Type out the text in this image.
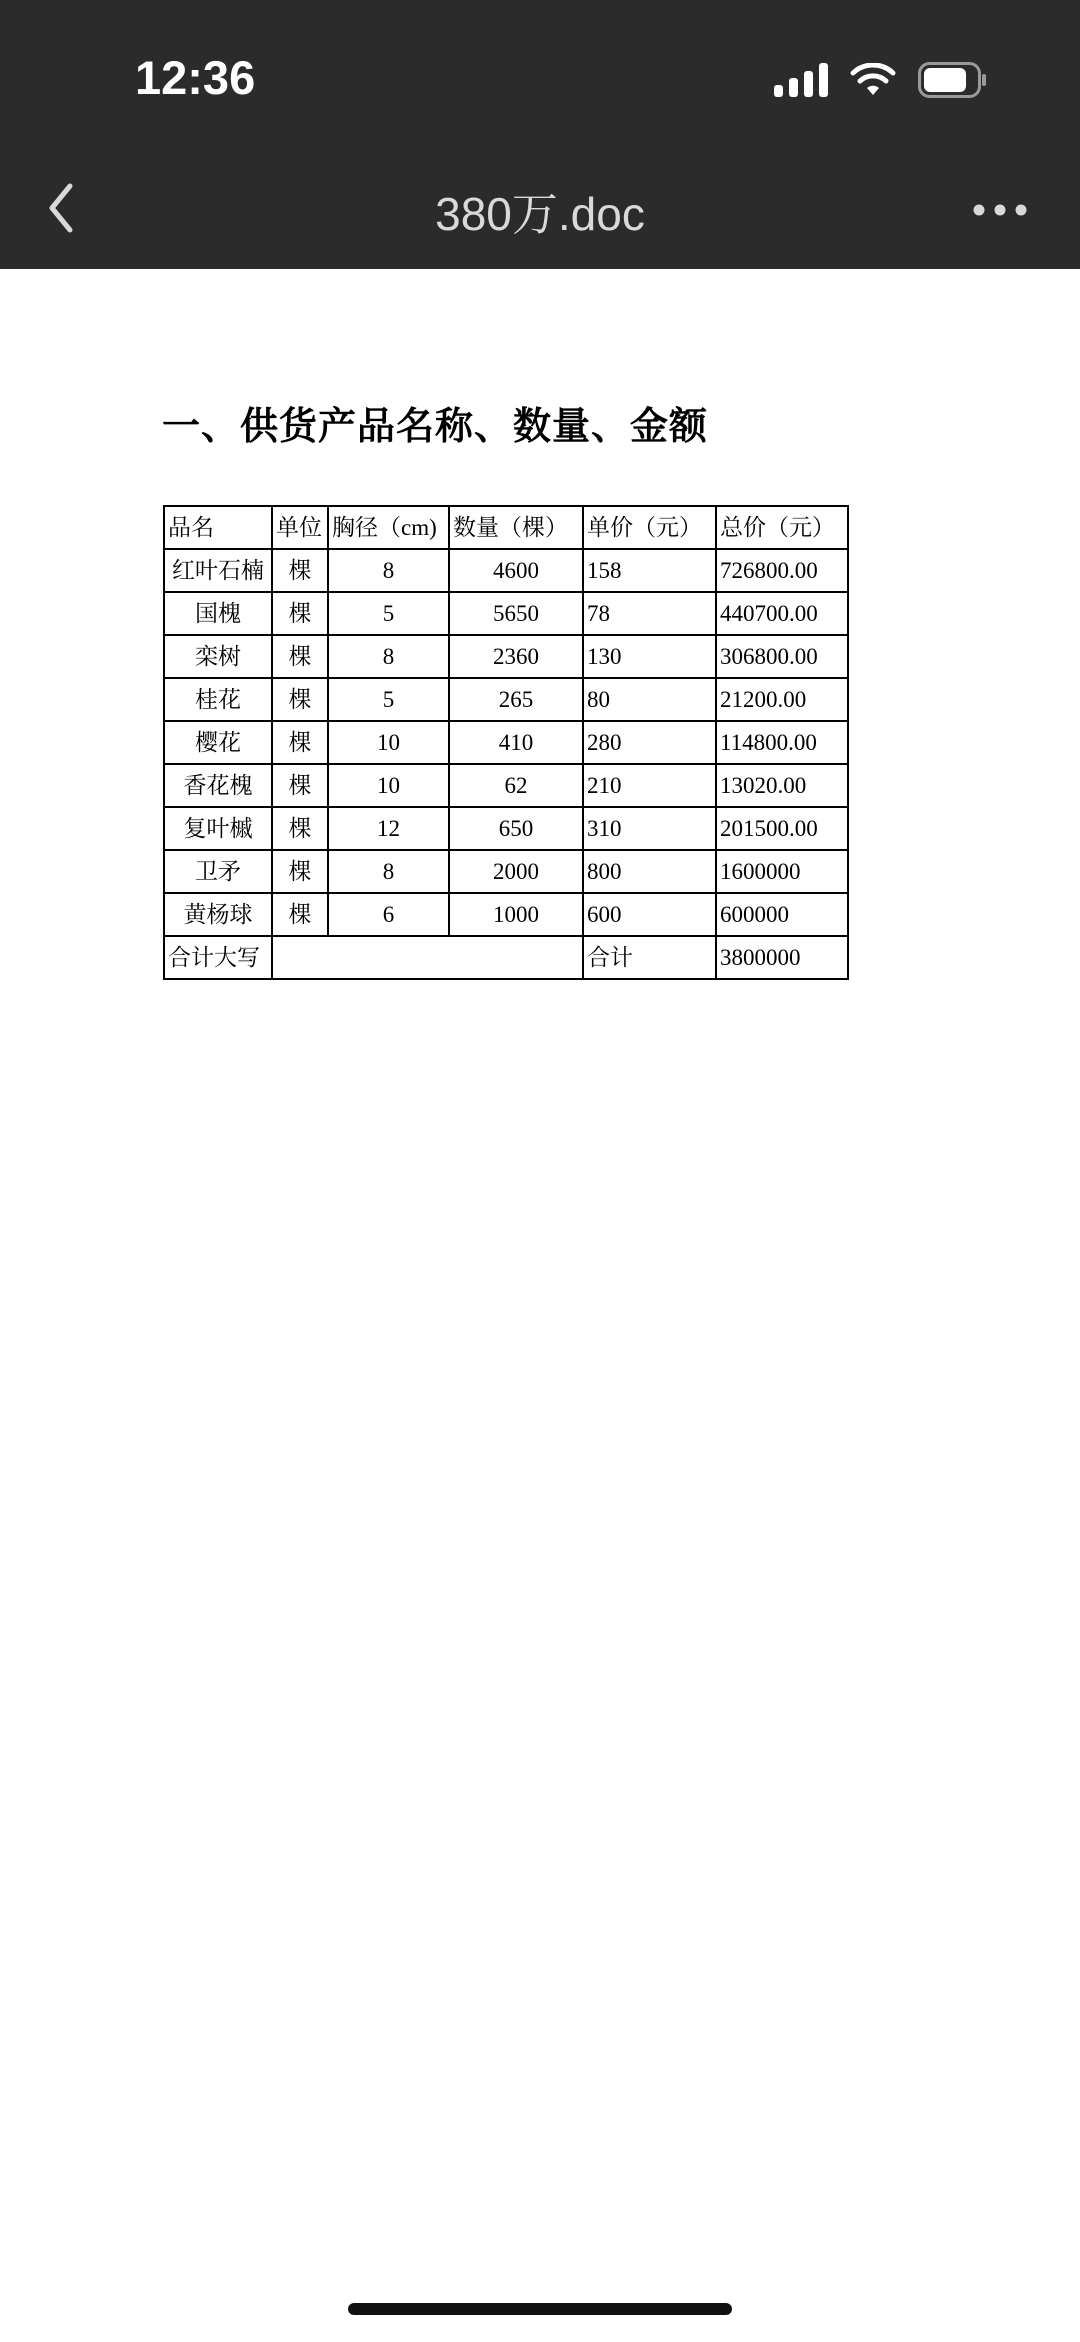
12:36
380万.doc
一、供货产品名称、数量、金额
品名	单位	胸径（cm)	数量（棵）	单价（元）	总价（元）
红叶石楠	棵	8	4600	158	726800.00
国槐	棵	5	5650	78	440700.00
栾树	棵	8	2360	130	306800.00
桂花	棵	5	265	80	21200.00
樱花	棵	10	410	280	114800.00
香花槐	棵	10	62	210	13020.00
复叶槭	棵	12	650	310	201500.00
卫矛	棵	8	2000	800	1600000
黄杨球	棵	6	1000	600	600000
合计大写				合计	3800000
